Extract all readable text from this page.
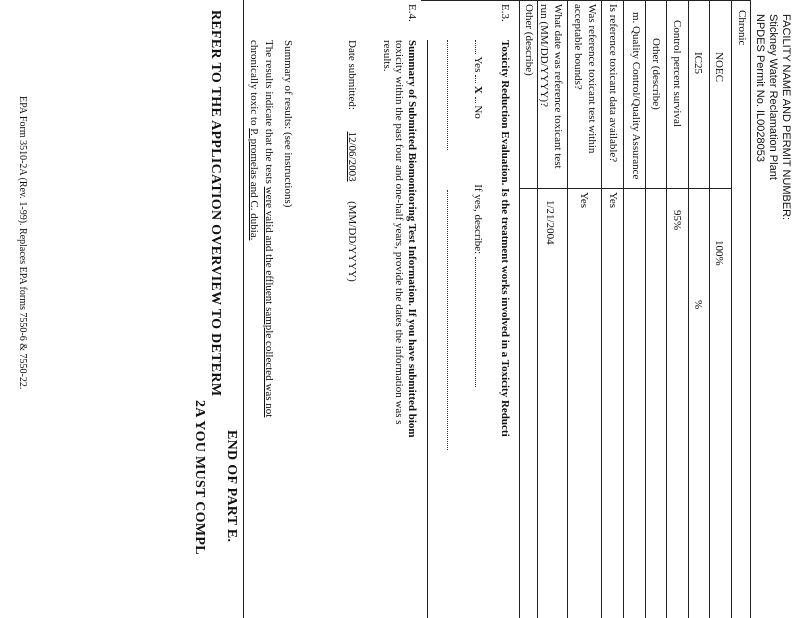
FACILITY NAME AND PERMIT NUMBER:
Stickney Water Reclamation Plant
NPDES Permit No. IL0028053
Chronic
NOEC
100%
IC25
%
Control percent survival
95%
Other (describe)
m. Quality Control/Quality Assurance
Is reference toxicant data available?
Yes
Was reference toxicant test within acceptable bounds?
Yes
What date was reference toxicant test run (MM/DD/YYYY)?
1/21/2004
Other (describe)
E.3.
Toxicity Reduction Evaluation. Is the treatment works involved in a Toxicity Reducti
Yes  X  No  If yes, describe:
E.4.
Summary of Submitted Biomonitoring Test Information. If you have submitted biom
toxicity within the past four and one-half years, provide the dates the information was s
results.
Date submitted:  12/06/2003  (MM/DD/YYYY)
Summary of results: (see instructions)
The results indicate that the tests were valid and the effluent sample collected was not
chronically toxic to P. promelas and C. dubia.
END OF PART E.
REFER TO THE APPLICATION OVERVIEW TO DETERM
2A YOU MUST COMPL
EPA Form 3510-2A (Rev. 1-99). Replaces EPA forms 7550-6 & 7550-22.
